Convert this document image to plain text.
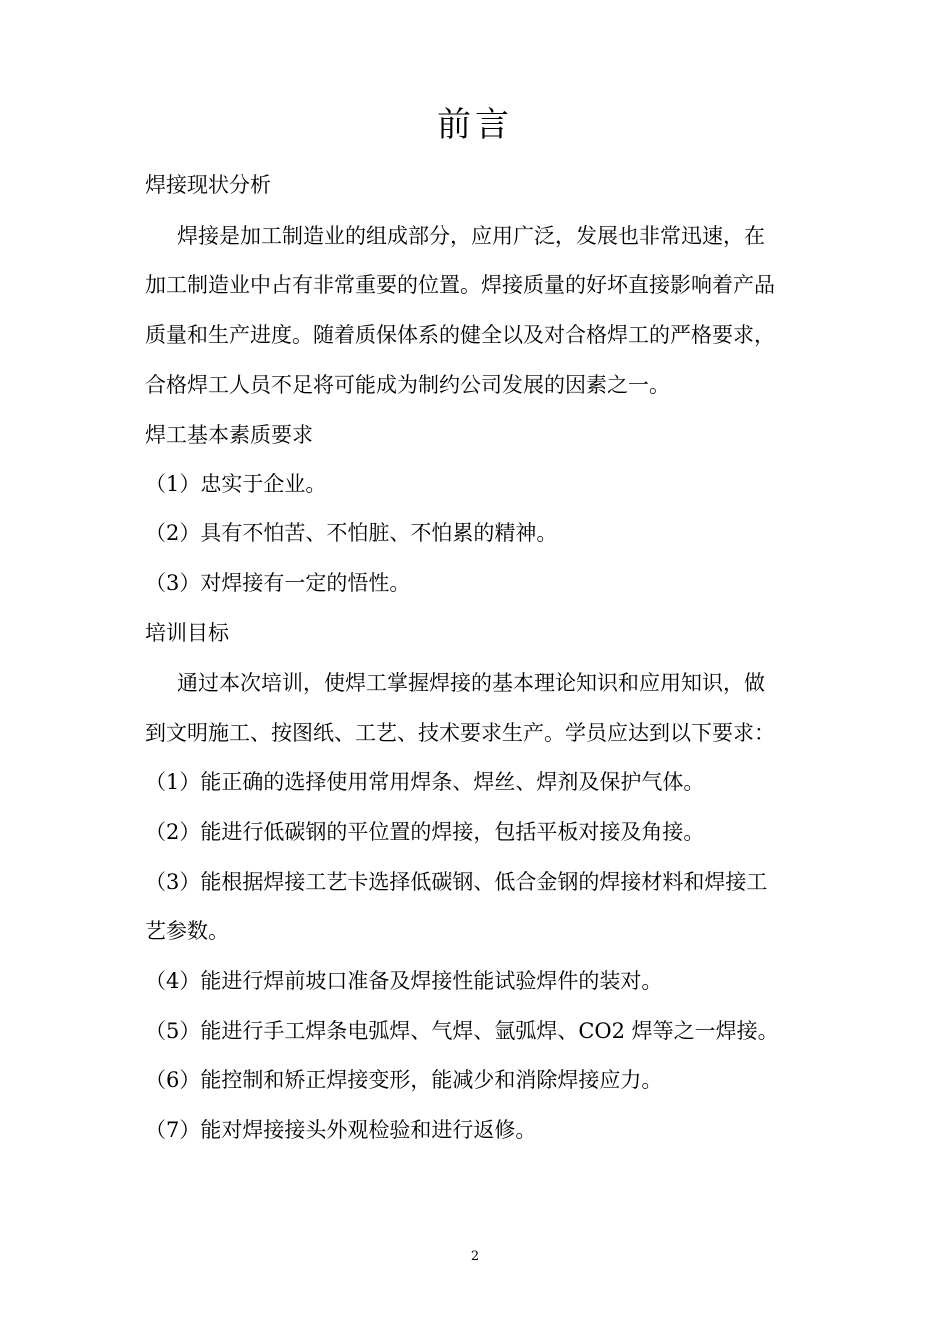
前言
焊接现状分析
焊接是加工制造业的组成部分，应用广泛，发展也非常迅速，在
加工制造业中占有非常重要的位置。焊接质量的好坏直接影响着产品
质量和生产进度。随着质保体系的健全以及对合格焊工的严格要求，
合格焊工人员不足将可能成为制约公司发展的因素之一。
焊工基本素质要求
（1）忠实于企业。
（2）具有不怕苦、不怕脏、不怕累的精神。
（3）对焊接有一定的悟性。
培训目标
通过本次培训，使焊工掌握焊接的基本理论知识和应用知识，做
到文明施工、按图纸、工艺、技术要求生产。学员应达到以下要求：
（1）能正确的选择使用常用焊条、焊丝、焊剂及保护气体。
（2）能进行低碳钢的平位置的焊接，包括平板对接及角接。
（3）能根据焊接工艺卡选择低碳钢、低合金钢的焊接材料和焊接工
艺参数。
（4）能进行焊前坡口准备及焊接性能试验焊件的装对。
（5）能进行手工焊条电弧焊、气焊、氩弧焊、CO2 焊等之一焊接。
（6）能控制和矫正焊接变形，能减少和消除焊接应力。
（7）能对焊接接头外观检验和进行返修。
2
